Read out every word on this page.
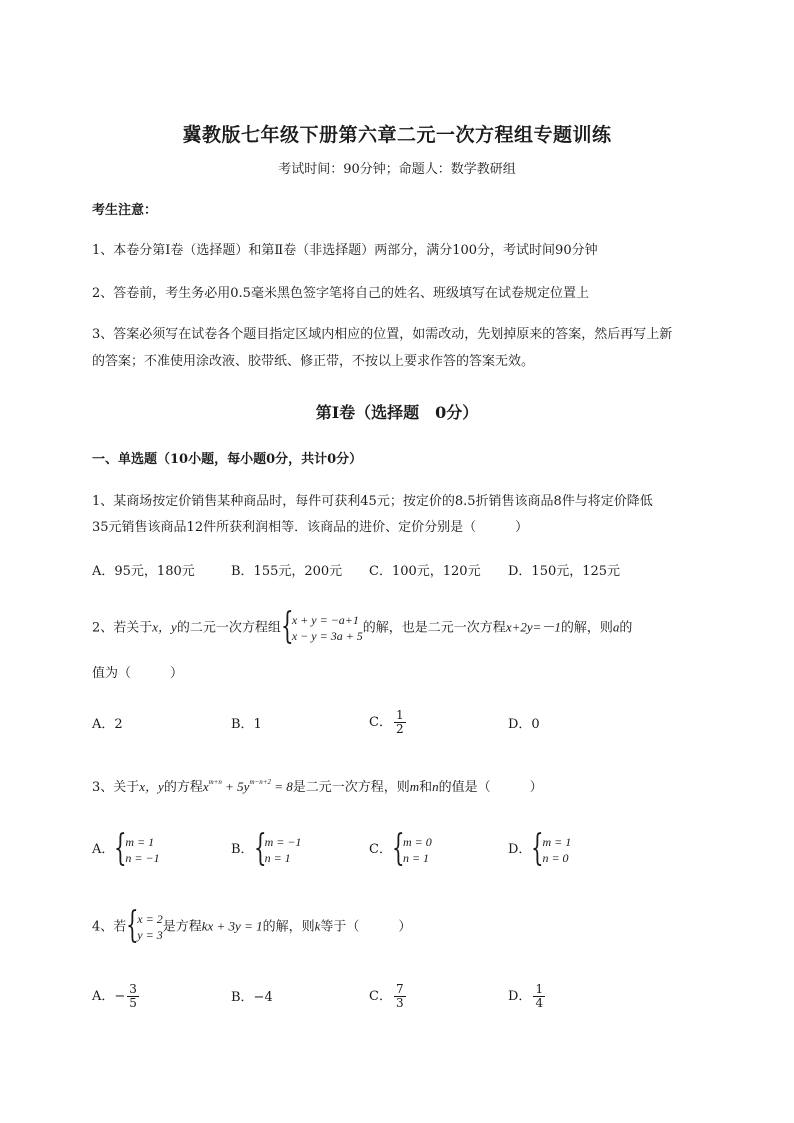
冀教版七年级下册第六章二元一次方程组专题训练
考试时间：90分钟；命题人：数学教研组
考生注意：
1、本卷分第I卷（选择题）和第Ⅱ卷（非选择题）两部分，满分100分，考试时间90分钟
2、答卷前，考生务必用0.5毫米黑色签字笔将自己的姓名、班级填写在试卷规定位置上
3、答案必须写在试卷各个题目指定区域内相应的位置，如需改动，先划掉原来的答案，然后再写上新
的答案；不准使用涂改液、胶带纸、修正带，不按以上要求作答的答案无效。
第I卷（选择题　0分）
一、单选题（10小题，每小题0分，共计0分）
1、某商场按定价销售某种商品时，每件可获利45元；按定价的8.5折销售该商品8件与将定价降低
35元销售该商品12件所获利润相等．该商品的进价、定价分别是（　　　）
A．95元，180元	B．155元，200元 C．100元，120元 D．150元，125元
2、若关于x，y的二元一次方程组 {
x + y = −a+1
x − y = 3a + 5
的解，也是二元一次方程x+2y=－1的解，则a的
值为（　　　）
A．2	B．1	C． $\frac{1}{2}$	D．0
3、关于x，y的方程$x^{m+n} + 5y^{m-n+2} = 8$是二元一次方程，则m和n的值是（　　　）
A． {
m = 1
n = −1
B． {
m = −1
n = 1
C． {
m = 0
n = 1
D． {
m = 1
n = 0
4、若 {
x = 2
y = 3
是方程kx + 3y = 1的解，则k等于（　　　）
A．− $\frac{3}{5}$	B．−4	C． $\frac{7}{3}$	D． $\frac{1}{4}$
